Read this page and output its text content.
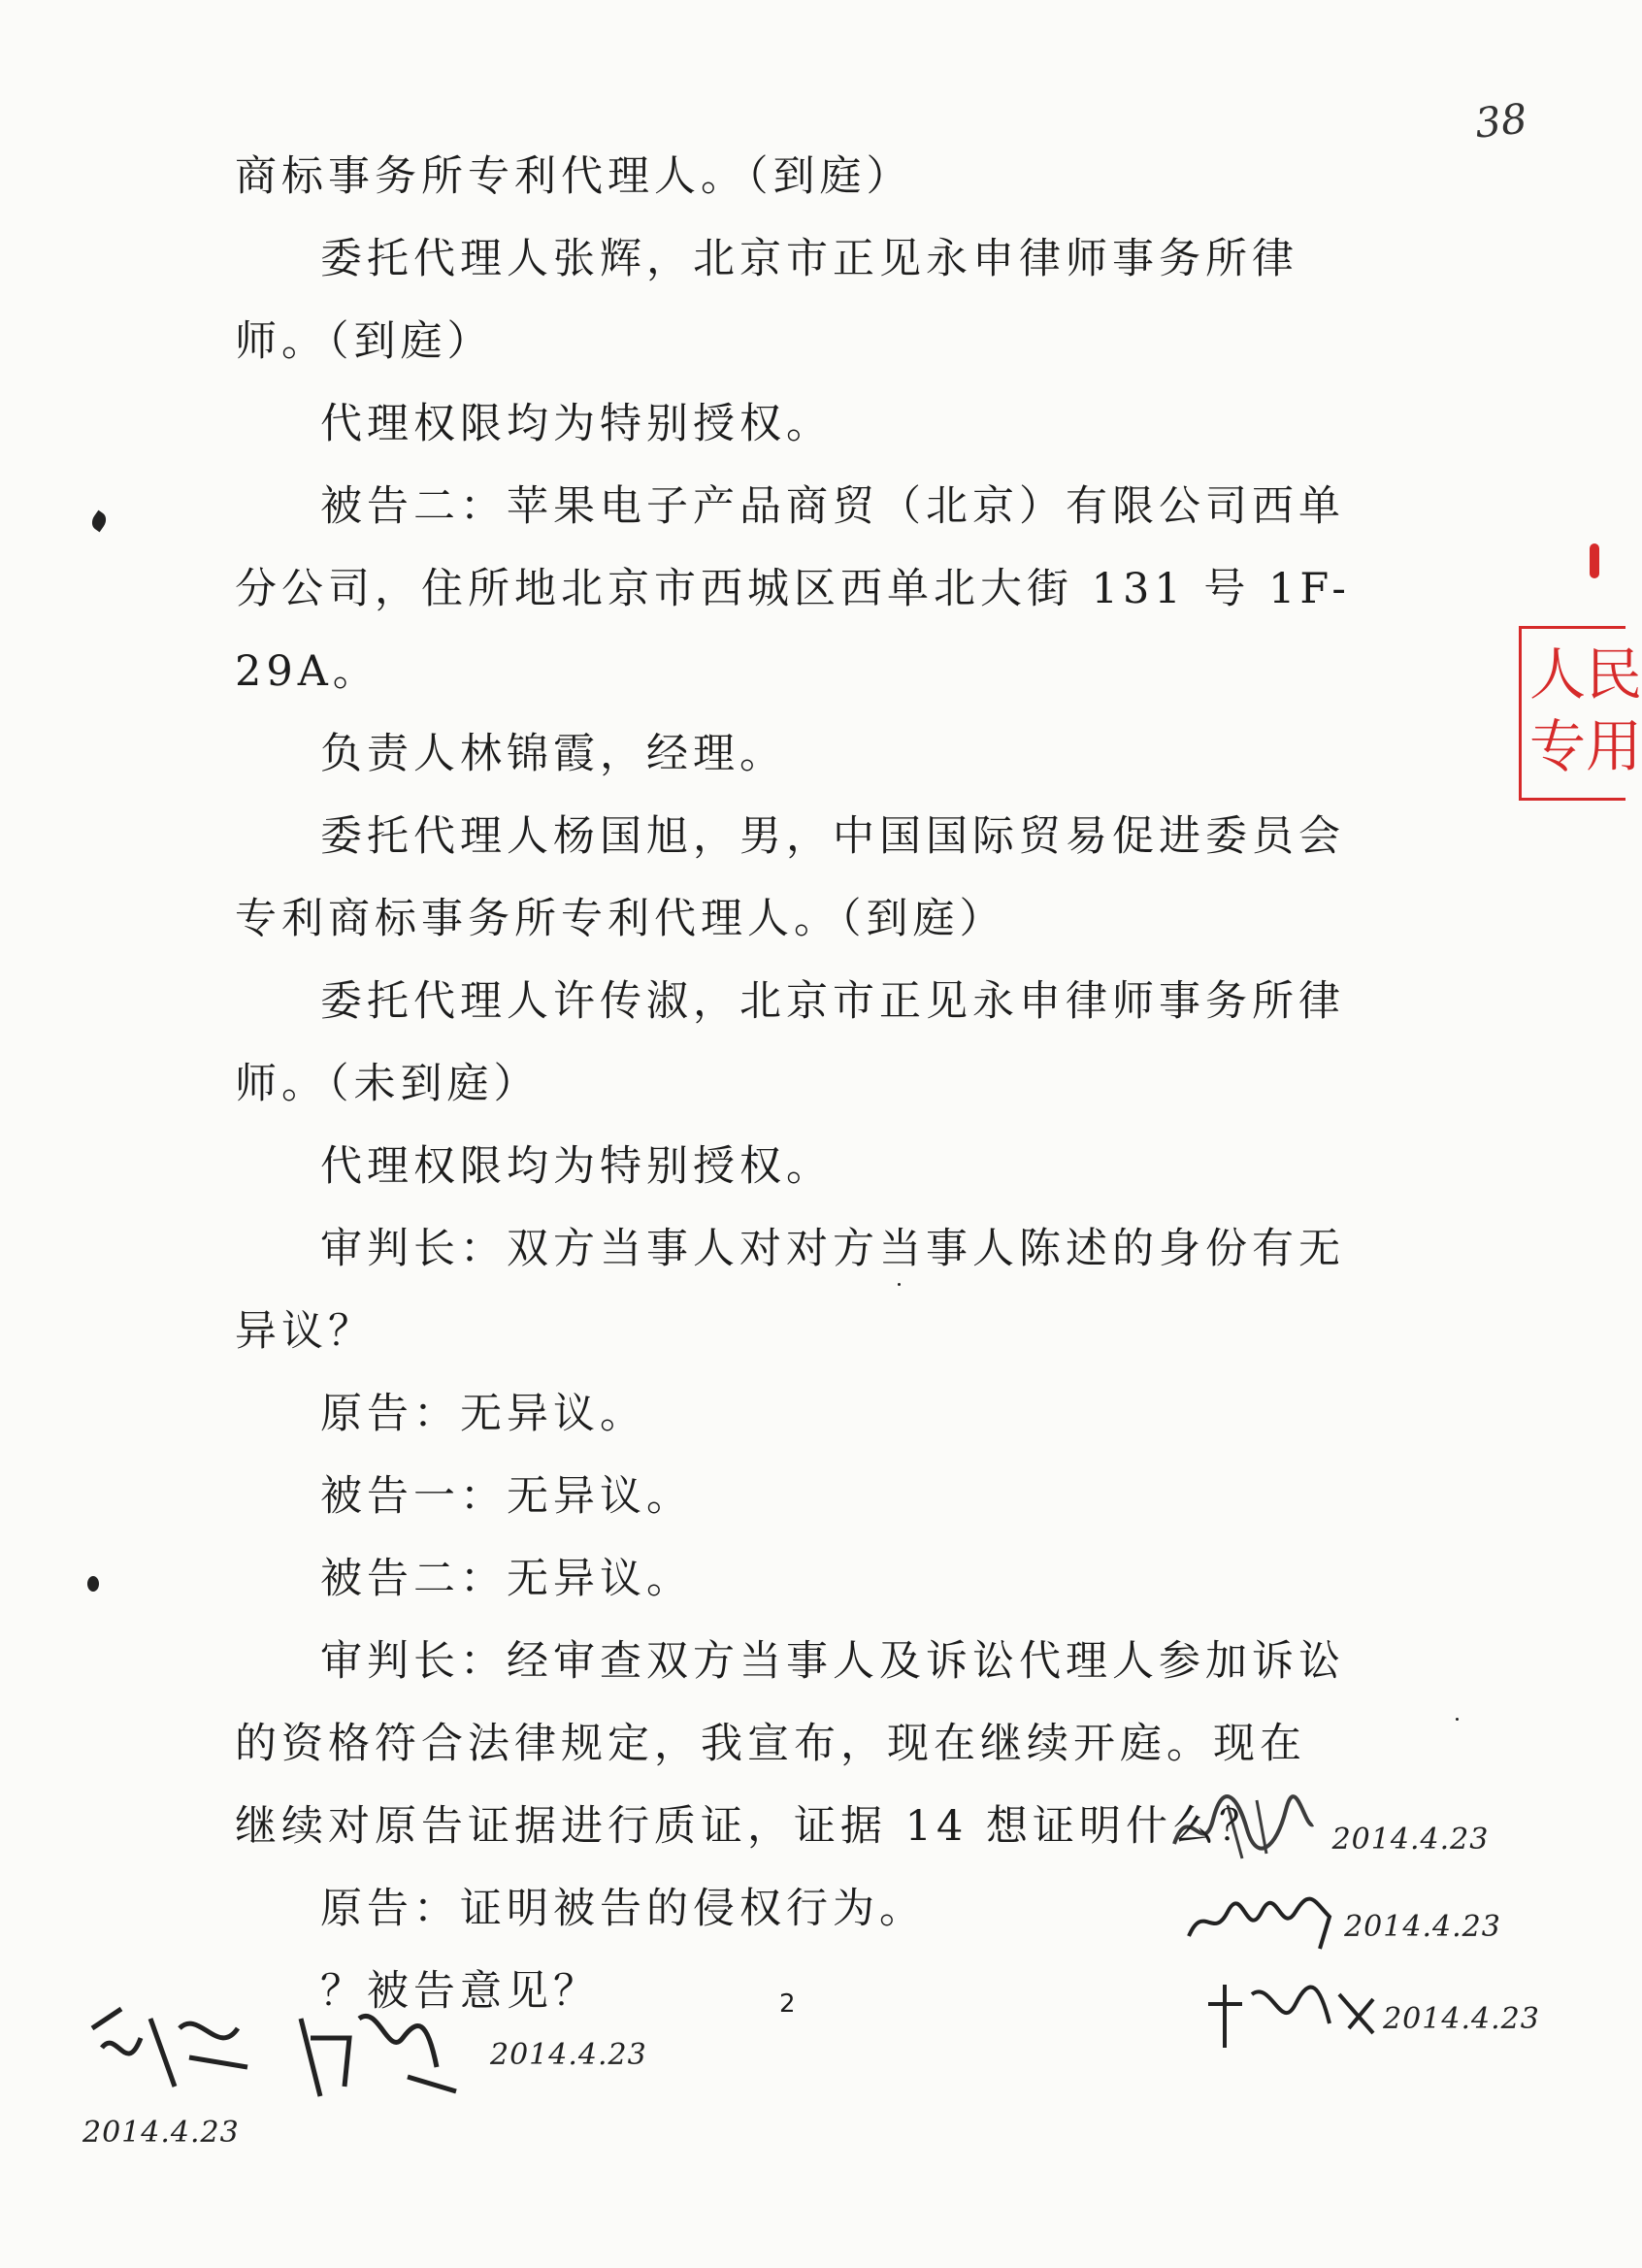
38

商标事务所专利代理人。（到庭）

委托代理人张辉，北京市正见永申律师事务所律师。（到庭）

代理权限均为特别授权。

被告二：苹果电子产品商贸（北京）有限公司西单分公司，住所地北京市西城区西单北大街 131 号 1F-29A。

负责人林锦霞，经理。

委托代理人杨国旭，男，中国国际贸易促进委员会专利商标事务所专利代理人。（到庭）

委托代理人许传淑，北京市正见永申律师事务所律师。（未到庭）

代理权限均为特别授权。

审判长：双方当事人对对方当事人陈述的身份有无异议？

原告：无异议。

被告一：无异议。

被告二：无异议。

审判长：经审查双方当事人及诉讼代理人参加诉讼的资格符合法律规定，我宣布，现在继续开庭。现在继续对原告证据进行质证，证据 14 想证明什么？

原告：证明被告的侵权行为。

？被告意见？

人民
专用
2
2014.4.23
2014.4.23
2014.4.23
2014.4.23
2014.4.23
